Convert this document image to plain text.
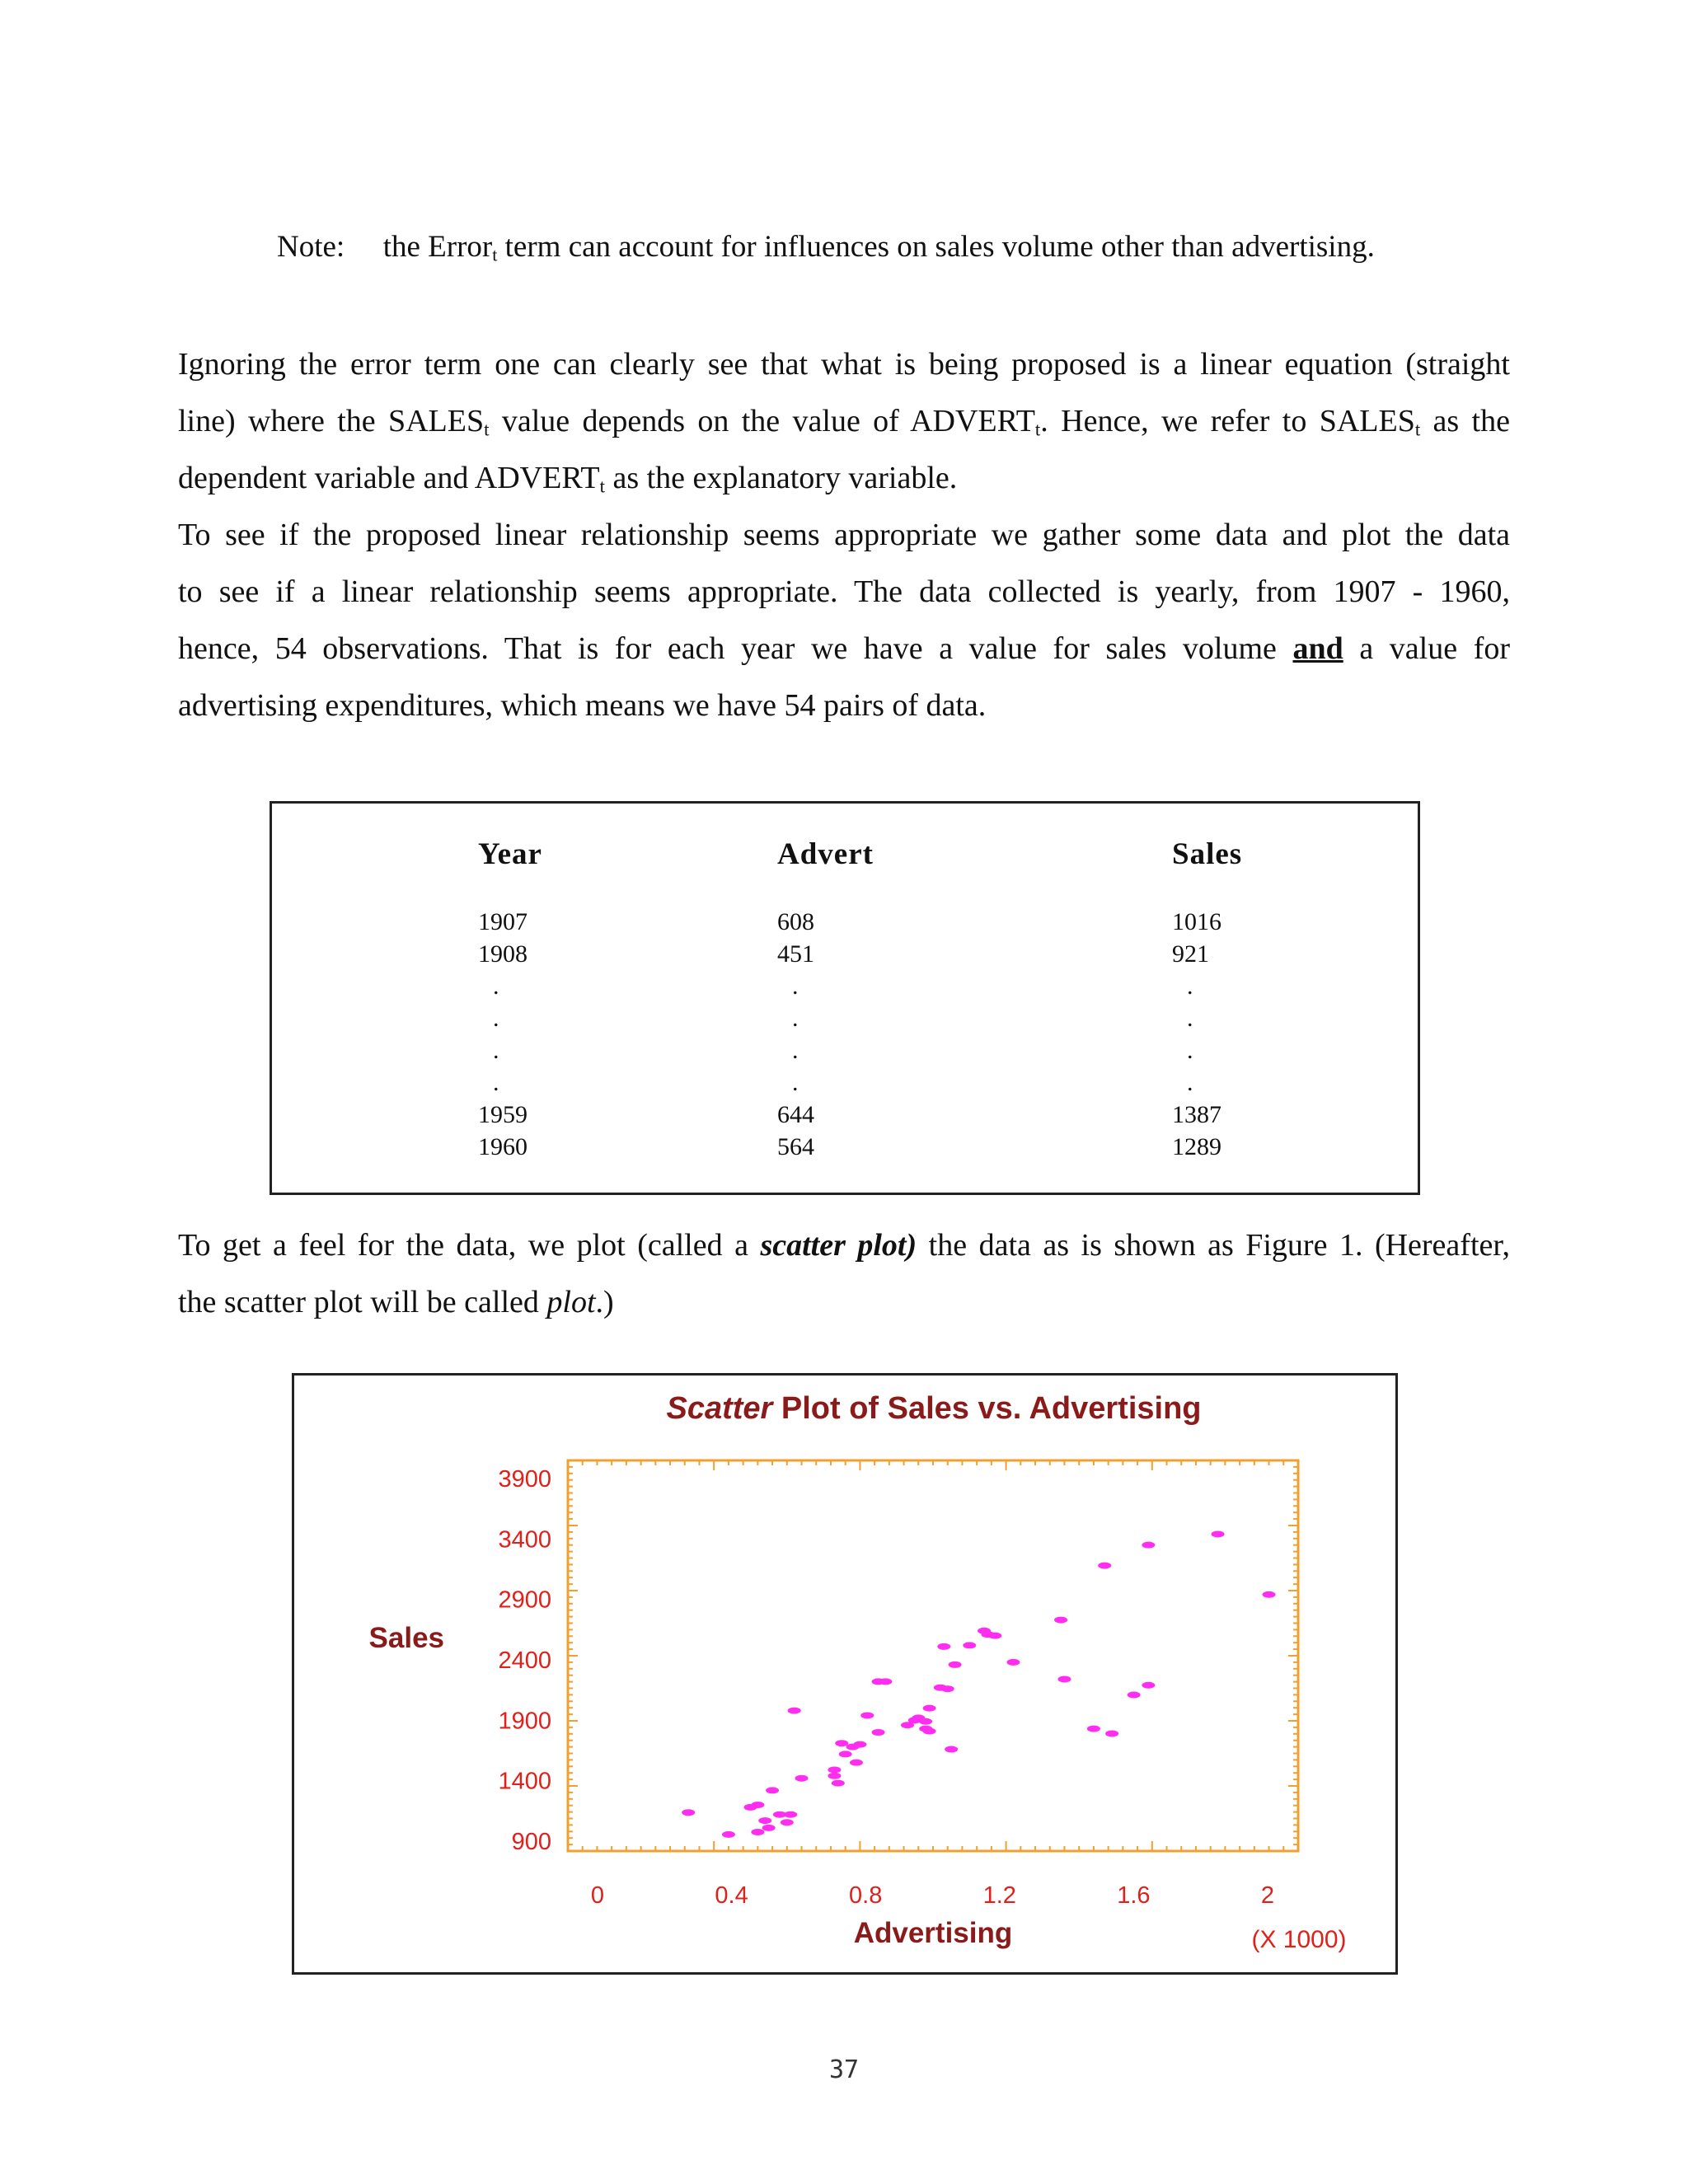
Note: the Error$_t$ term can account for influences on sales volume other than advertising.
Ignoring the error term one can clearly see that what is being proposed is a linear equation (straight
line) where the $SALES_t$ value depends on the value of $ADVERT_t$. Hence, we refer to $SALES_t$ as the
dependent variable and $ADVERT_t$ as the explanatory variable.
To see if the proposed linear relationship seems appropriate we gather some data and plot the data
to see if a linear relationship seems appropriate. The data collected is yearly, from 1907 - 1960,
hence, 54 observations. That is for each year we have a value for sales volume and a value for
advertising expenditures, which means we have 54 pairs of data.
Year	Advert	Sales
1907	608	1016
1908	451	921
.	.	.
.	.	.
.	.	.
.	.	.
1959	644	1387
1960	564	1289
To get a feel for the data, we plot (called a scatter plot) the data as is shown as Figure 1. (Hereafter,
the scatter plot will be called plot.)
Scatter Plot of Sales vs. Advertising
Sales
Advertising	(X 1000)
3900
3400
2900
2400
1900
1400
900
0	0.4	0.8	1.2	1.6	2
37
